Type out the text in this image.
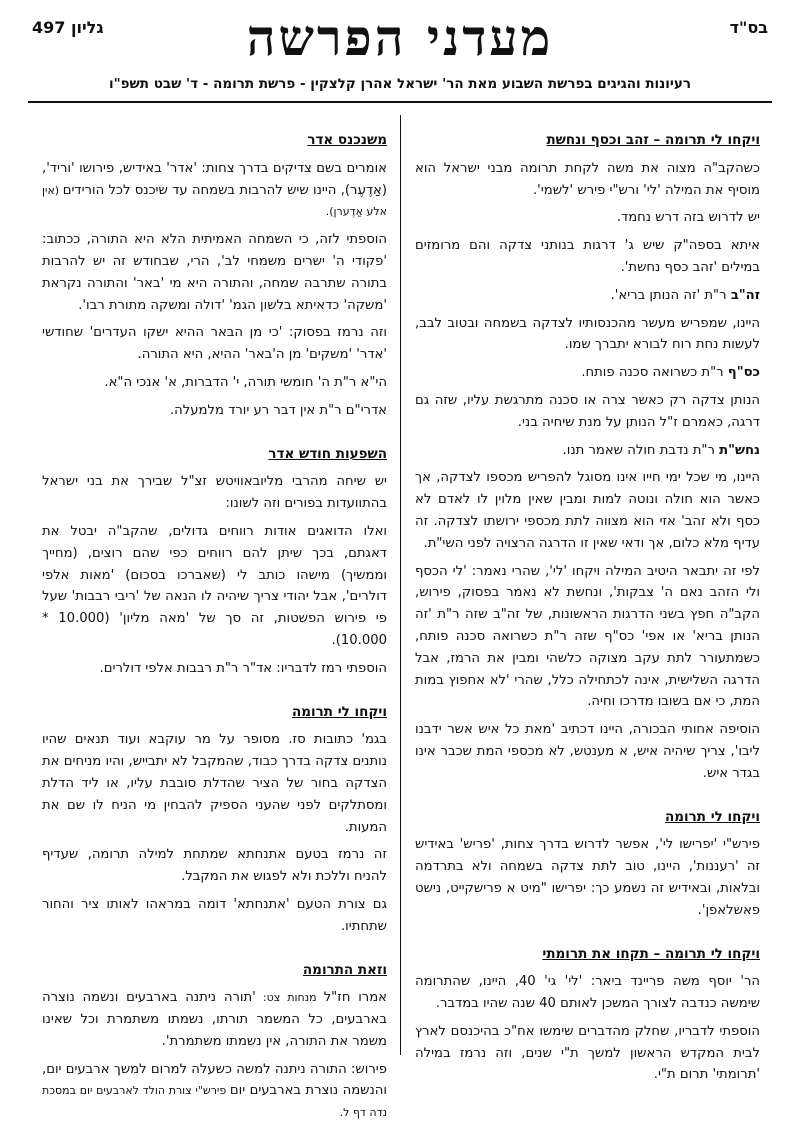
בס"ד
מעדני הפרשה
גליון 497
רעיונות והגיגים בפרשת השבוע מאת הר' ישראל אהרן קלצקין - פרשת תרומה - ד' שבט תשפ"ו
ויקחו לי תרומה – זהב וכסף ונחשת

כשהקב"ה מצוה את משה לקחת תרומה מבני ישראל הוא מוסיף את המילה 'לי' ורש"י פירש 'לשמי'.

יש לדרוש בזה דרש נחמד.

איתא בספה"ק שיש ג' דרגות בנותני צדקה והם מרומזים במילים 'זהב כסף נחשת'.

זה"ב ר"ת 'זה הנותן בריא'.

היינו, שמפריש מעשר מהכנסותיו לצדקה בשמחה ובטוב לבב, לעשות נחת רוח לבורא יתברך שמו.

כס"ף ר"ת כשרואה סכנה פותח.

הנותן צדקה רק כאשר צרה או סכנה מתרגשת עליו, שזה גם דרגה, כאמרם ז"ל הנותן על מנת שיחיה בני.

נחש"ת ר"ת נדבת חולה שאמר תנו.

היינו, מי שכל ימי חייו אינו מסוגל להפריש מכספו לצדקה, אך כאשר הוא חולה ונוטה למות ומבין שאין מלוין לו לאדם לא כסף ולא זהב' אזי הוא מצווה לתת מכספי ירושתו לצדקה. זה עדיף מלא כלום, אך ודאי שאין זו הדרגה הרצויה לפני השי"ת.

לפי זה יתבאר היטיב המילה ויקחו 'לי', שהרי נאמר: 'לי הכסף ולי הזהב נאם ה' צבקות', ונחשת לא נאמר בפסוק, פירוש, הקב"ה חפץ בשני הדרגות הראשונות, של זה"ב שזה ר"ת 'זה הנותן בריא' או אפי' כס"ף שזה ר"ת כשרואה סכנה פותח, כשמתעורר לתת עקב מצוקה כלשהי ומבין את הרמז, אבל הדרגה השלישית, אינה לכתחילה כלל, שהרי 'לא אחפוץ במות המת, כי אם בשובו מדרכו וחיה.

הוסיפה אחותי הבכורה, היינו דכתיב 'מאת כל איש אשר ידבנו ליבו', צריך שיהיה איש, א מענטש, לא מכספי המת שכבר אינו בגדר איש.

ויקחו לי תרומה

פירש"י 'יפרישו לי', אפשר לדרוש בדרך צחות, 'פריש' באידיש זה 'רעננות', היינו, טוב לתת צדקה בשמחה ולא בתרדמה ובלאות, ובאידיש זה נשמע כך: יפרישו "מיט א פרישקייט, נישט פאשלאפן'.

ויקחו לי תרומה – תקחו את תרומתי

הר' יוסף משה פריינד ביאר: 'לי' גי' 40, היינו, שהתרומה שימשה כנדבה לצורך המשכן לאותם 40 שנה שהיו במדבר.

הוספתי לדבריו, שחלק מהדברים שימשו אח"כ בהיכנסם לארץ לבית המקדש הראשון למשך ת"י שנים, וזה נרמז במילה 'תרומתי' תרום ת"י.

משנכנס אדר

אומרים בשם צדיקים בדרך צחות: 'אדר' באידיש, פירושו 'וריד', (אַדֶעֶר), היינו שיש להרבות בשמחה עד שיכנס לכל הורידים (אין אלע אַדֶערן).

הוספתי לזה, כי השמחה האמיתית הלא היא התורה, ככתוב: 'פקודי ה' ישרים משמחי לב', הרי, שבחודש זה יש להרבות בתורה שתרבה שמחה, והתורה היא מי 'באר' והתורה נקראת 'משקה' כדאיתא בלשון הגמ' 'דולה ומשקה מתורת רבו'.

וזה נרמז בפסוק: 'כי מן הבאר ההיא ישקו העדרים' שחודשי 'אדר' 'משקים' מן ה'באר' ההיא, היא התורה.

הי"א ר"ת ה' חומשי תורה, י' הדברות, א' אנכי ה"א.

אדרי"ם ר"ת אין דבר רע יורד מלמעלה.

השפעות חודש אדר

יש שיחה מהרבי מליובאוויטש זצ"ל שבירך את בני ישראל בהתוועדות בפורים וזה לשונו:

ואלו הדואגים אודות רווחים גדולים, שהקב"ה יבטל את דאגתם, בכך שיתן להם רווחים כפי שהם רוצים, (מחייך וממשיך) מישהו כותב לי (שאברכו בסכום) 'מאות אלפי דולרים', אבל יהודי צריך שיהיה לו הנאה של 'ריבי רבבות' שעל פי פירוש הפשטות, זה סך של 'מאה מליון' (10.000 * 10.000).

הוספתי רמז לדבריו: אד"ר ר"ת רבבות אלפי דולרים.

ויקחו לי תרומה

בגמ' כתובות סז. מסופר על מר עוקבא ועוד תנאים שהיו נותנים צדקה בדרך כבוד, שהמקבל לא יתבייש, והיו מניחים את הצדקה בחור של הציר שהדלת סובבת עליו, או ליד הדלת ומסתלקים לפני שהעני הספיק להבחין מי הניח לו שם את המעות.

זה נרמז בטעם אתנחתא שמתחת למילה תרומה, שעדיף להניח וללכת ולא לפגוש את המקבל.

גם צורת הטעם 'אתנחתא' דומה במראהו לאותו ציר והחור שתחתיו.

וזאת התרומה

אמרו חז"ל מנחות צט: 'תורה ניתנה בארבעים ונשמה נוצרה בארבעים, כל המשמר תורתו, נשמתו משתמרת וכל שאינו משמר את התורה, אין נשמתו משתמרת'.

פירוש: התורה ניתנה למשה כשעלה למרום למשך ארבעים יום, והנשמה נוצרת בארבעים יום פירש"י צורת הולד לארבעים יום במסכת נדה דף ל.
